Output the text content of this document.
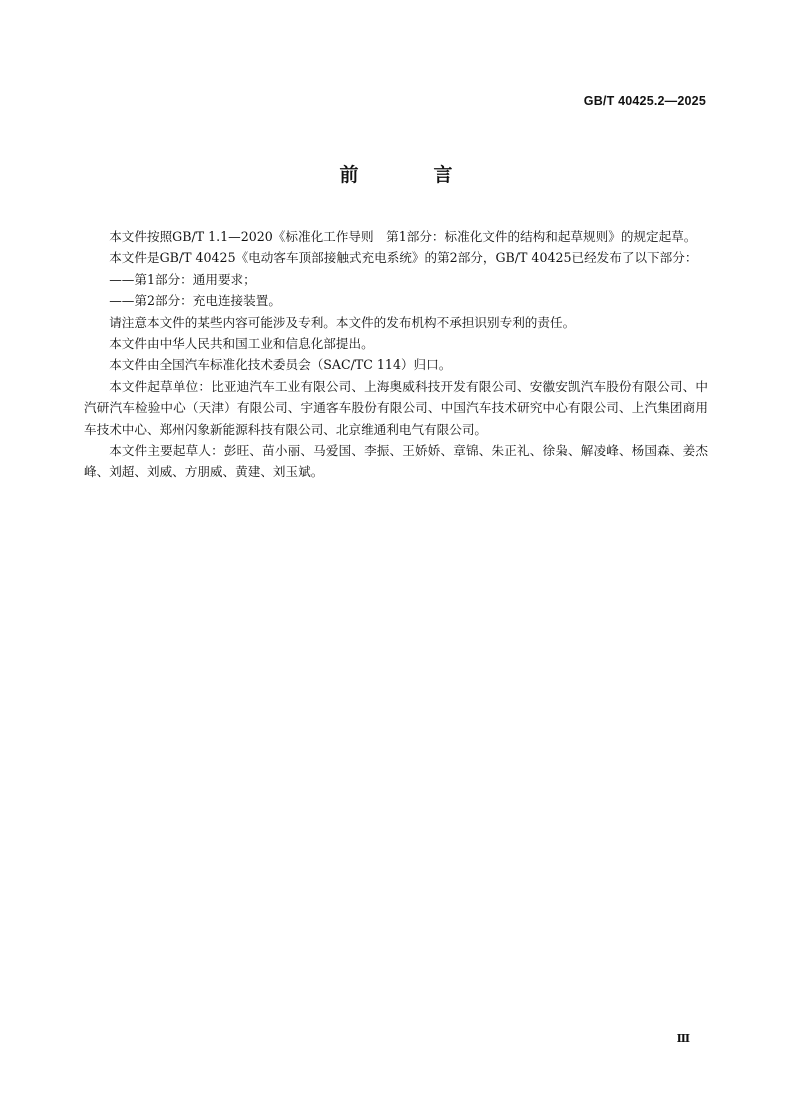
GB/T 40425.2—2025
前　言

本文件按照GB/T 1.1—2020《标准化工作导则　第1部分：标准化文件的结构和起草规则》的规定起草。

本文件是GB/T 40425《电动客车顶部接触式充电系统》的第2部分，GB/T 40425已经发布了以下部分：

——第1部分：通用要求；

——第2部分：充电连接装置。

请注意本文件的某些内容可能涉及专利。本文件的发布机构不承担识别专利的责任。

本文件由中华人民共和国工业和信息化部提出。

本文件由全国汽车标准化技术委员会（SAC/TC 114）归口。

本文件起草单位：比亚迪汽车工业有限公司、上海奥威科技开发有限公司、安徽安凯汽车股份有限公司、中汽研汽车检验中心（天津）有限公司、宇通客车股份有限公司、中国汽车技术研究中心有限公司、上汽集团商用车技术中心、郑州闪象新能源科技有限公司、北京维通利电气有限公司。

本文件主要起草人：彭旺、苗小丽、马爱国、李振、王娇娇、章锦、朱正礼、徐枭、解凌峰、杨国森、姜杰峰、刘超、刘威、方朋威、黄建、刘玉斌。

Ⅲ
